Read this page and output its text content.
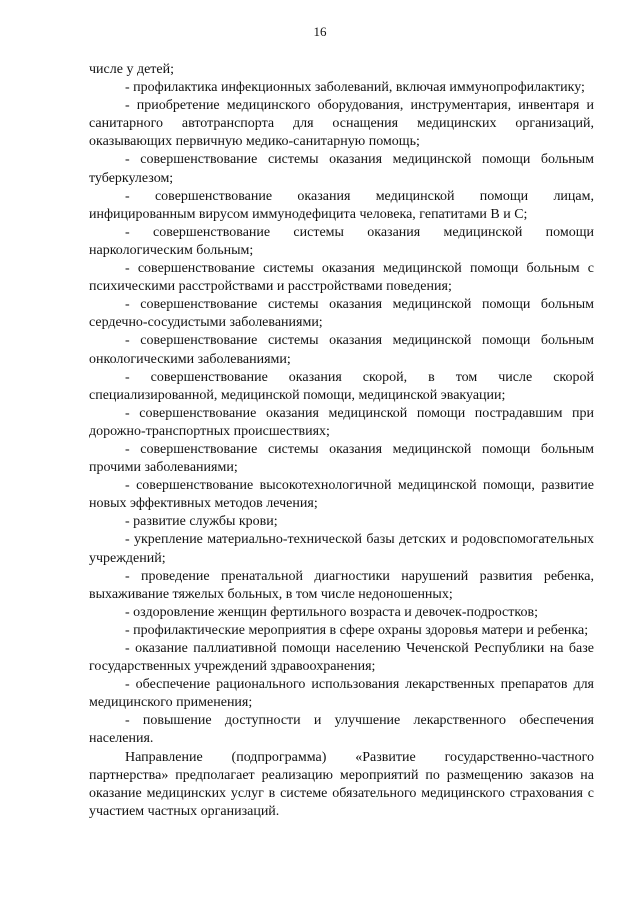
16

числе у детей;

- профилактика инфекционных заболеваний, включая иммунопрофилактику;

- приобретение медицинского оборудования, инструментария, инвентаря и санитарного автотранспорта для оснащения медицинских организаций, оказывающих первичную медико-санитарную помощь;

- совершенствование системы оказания медицинской помощи больным туберкулезом;

- совершенствование оказания медицинской помощи лицам, инфицированным вирусом иммунодефицита человека, гепатитами В и С;

- совершенствование системы оказания медицинской помощи наркологическим больным;

- совершенствование системы оказания медицинской помощи больным с психическими расстройствами и расстройствами поведения;

- совершенствование системы оказания медицинской помощи больным сердечно-сосудистыми заболеваниями;

- совершенствование системы оказания медицинской помощи больным онкологическими заболеваниями;

- совершенствование оказания скорой, в том числе скорой специализированной, медицинской помощи, медицинской эвакуации;

- совершенствование оказания медицинской помощи пострадавшим при дорожно-транспортных происшествиях;

- совершенствование системы оказания медицинской помощи больным прочими заболеваниями;

- совершенствование высокотехнологичной медицинской помощи, развитие новых эффективных методов лечения;

- развитие службы крови;

- укрепление материально-технической базы детских и родовспомогательных учреждений;

- проведение пренатальной диагностики нарушений развития ребенка, выхаживание тяжелых больных, в том числе недоношенных;

- оздоровление женщин фертильного возраста и девочек-подростков;

- профилактические мероприятия в сфере охраны здоровья матери и ребенка;

- оказание паллиативной помощи населению Чеченской Республики на базе государственных учреждений здравоохранения;

- обеспечение рационального использования лекарственных препаратов для медицинского применения;

- повышение доступности и улучшение лекарственного обеспечения населения.

Направление (подпрограмма) «Развитие государственно-частного партнерства» предполагает реализацию мероприятий по размещению заказов на оказание медицинских услуг в системе обязательного медицинского страхования с участием частных организаций.
